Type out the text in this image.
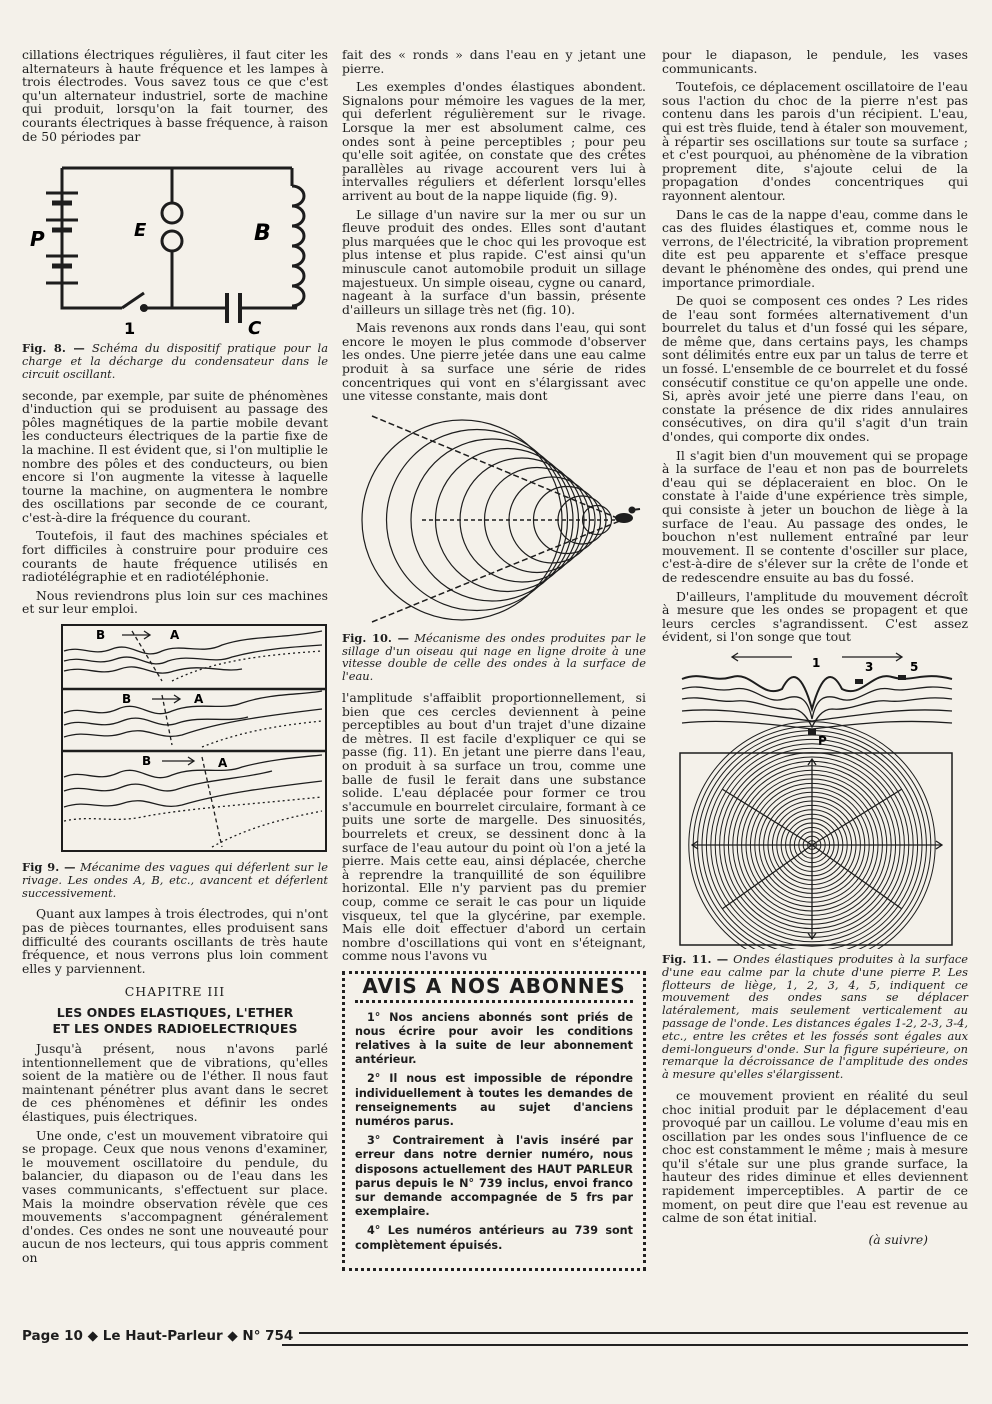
cillations électriques régulières, il faut citer les alternateurs à haute fréquence et les lampes à trois électrodes. Vous savez tous ce que c'est qu'un alternateur industriel, sorte de machine qui produit, lorsqu'on la fait tourner, des courants électriques à basse fréquence, à raison de 50 périodes par

P	E	B
C
1

Fig. 8. — Schéma du dispositif pratique pour la charge et la décharge du condensateur dans le circuit oscillant.

seconde, par exemple, par suite de phénomènes d'induction qui se produisent au passage des pôles magnétiques de la partie mobile devant les conducteurs électriques de la partie fixe de la machine. Il est évident que, si l'on multiplie le nombre des pôles et des conducteurs, ou bien encore si l'on augmente la vitesse à laquelle tourne la machine, on augmentera le nombre des oscillations par seconde de ce courant, c'est-à-dire la fréquence du courant.

Toutefois, il faut des machines spéciales et fort difficiles à construire pour produire ces courants de haute fréquence utilisés en radiotélégraphie et en radiotéléphonie.

Nous reviendrons plus loin sur ces machines et sur leur emploi.

B	A
B	A
B	A

Fig 9. — Mécanime des vagues qui déferlent sur le rivage. Les ondes A, B, etc., avancent et déferlent successivement.

Quant aux lampes à trois électrodes, qui n'ont pas de pièces tournantes, elles produisent sans difficulté des courants oscillants de très haute fréquence, et nous verrons plus loin comment elles y parviennent.

CHAPITRE III

LES ONDES ELASTIQUES, L'ETHER
ET LES ONDES RADIOELECTRIQUES

Jusqu'à présent, nous n'avons parlé intentionnellement que de vibrations, qu'elles soient de la matière ou de l'éther. Il nous faut maintenant pénétrer plus avant dans le secret de ces phénomènes et définir les ondes élastiques, puis électriques.

Une onde, c'est un mouvement vibratoire qui se propage. Ceux que nous venons d'examiner, le mouvement oscillatoire du pendule, du balancier, du diapason ou de l'eau dans les vases communicants, s'effectuent sur place. Mais la moindre observation révèle que ces mouvements s'accompagnent généralement d'ondes. Ces ondes ne sont une nouveauté pour aucun de nos lecteurs, qui tous appris comment on

fait des « ronds » dans l'eau en y jetant une pierre.

Les exemples d'ondes élastiques abondent. Signalons pour mémoire les vagues de la mer, qui deferlent régulièrement sur le rivage. Lorsque la mer est absolument calme, ces ondes sont à peine perceptibles ; pour peu qu'elle soit agitée, on constate que des crêtes parallèles au rivage accourent vers lui à intervalles réguliers et déferlent lorsqu'elles arrivent au bout de la nappe liquide (fig. 9).

Le sillage d'un navire sur la mer ou sur un fleuve produit des ondes. Elles sont d'autant plus marquées que le choc qui les provoque est plus intense et plus rapide. C'est ainsi qu'un minuscule canot automobile produit un sillage majestueux. Un simple oiseau, cygne ou canard, nageant à la surface d'un bassin, présente d'ailleurs un sillage très net (fig. 10).

Mais revenons aux ronds dans l'eau, qui sont encore le moyen le plus commode d'observer les ondes. Une pierre jetée dans une eau calme produit à sa surface une série de rides concentriques qui vont en s'élargissant avec une vitesse constante, mais dont

Fig. 10. — Mécanisme des ondes produites par le sillage d'un oiseau qui nage en ligne droite à une vitesse double de celle des ondes à la surface de l'eau.

l'amplitude s'affaiblit proportionnellement, si bien que ces cercles deviennent à peine perceptibles au bout d'un trajet d'une dizaine de mètres. Il est facile d'expliquer ce qui se passe (fig. 11). En jetant une pierre dans l'eau, on produit à sa surface un trou, comme une balle de fusil le ferait dans une substance solide. L'eau déplacée pour former ce trou s'accumule en bourrelet circulaire, formant à ce puits une sorte de margelle. Des sinuosités, bourrelets et creux, se dessinent donc à la surface de l'eau autour du point où l'on a jeté la pierre. Mais cette eau, ainsi déplacée, cherche à reprendre la tranquillité de son équilibre horizontal. Elle n'y parvient pas du premier coup, comme ce serait le cas pour un liquide visqueux, tel que la glycérine, par exemple. Mais elle doit effectuer d'abord un certain nombre d'oscillations qui vont en s'éteignant, comme nous l'avons vu

AVIS A NOS ABONNES

1° Nos anciens abonnés sont priés de nous écrire pour avoir les conditions relatives à la suite de leur abonnement antérieur.

2° Il nous est impossible de répondre individuellement à toutes les demandes de renseignements au sujet d'anciens numéros parus.

3° Contrairement à l'avis inséré par erreur dans notre dernier numéro, nous disposons actuellement des HAUT PARLEUR parus depuis le N° 739 inclus, envoi franco sur demande accompagnée de 5 frs par exemplaire.

4° Les numéros antérieurs au 739 sont complètement épuisés.

pour le diapason, le pendule, les vases communicants.

Toutefois, ce déplacement oscillatoire de l'eau sous l'action du choc de la pierre n'est pas contenu dans les parois d'un récipient. L'eau, qui est très fluide, tend à étaler son mouvement, à répartir ses oscillations sur toute sa surface ; et c'est pourquoi, au phénomène de la vibration proprement dite, s'ajoute celui de la propagation d'ondes concentriques qui rayonnent alentour.

Dans le cas de la nappe d'eau, comme dans le cas des fluides élastiques et, comme nous le verrons, de l'électricité, la vibration proprement dite est peu apparente et s'efface presque devant le phénomène des ondes, qui prend une importance primordiale.

De quoi se composent ces ondes ? Les rides de l'eau sont formées alternativement d'un bourrelet du talus et d'un fossé qui les sépare, de même que, dans certains pays, les champs sont délimités entre eux par un talus de terre et un fossé. L'ensemble de ce bourrelet et du fossé consécutif constitue ce qu'on appelle une onde. Si, après avoir jeté une pierre dans l'eau, on constate la présence de dix rides annulaires consécutives, on dira qu'il s'agit d'un train d'ondes, qui comporte dix ondes.

Il s'agit bien d'un mouvement qui se propage à la surface de l'eau et non pas de bourrelets d'eau qui se déplaceraient en bloc. On le constate à l'aide d'une expérience très simple, qui consiste à jeter un bouchon de liège à la surface de l'eau. Au passage des ondes, le bouchon n'est nullement entraîné par leur mouvement. Il se contente d'osciller sur place, c'est-à-dire de s'élever sur la crête de l'onde et de redescendre ensuite au bas du fossé.

D'ailleurs, l'amplitude du mouvement décroît à mesure que les ondes se propagent et que leurs cercles s'agrandissent. C'est assez évident, si l'on songe que tout

1	3	5
P

Fig. 11. — Ondes élastiques produites à la surface d'une eau calme par la chute d'une pierre P. Les flotteurs de liège, 1, 2, 3, 4, 5, indiquent ce mouvement des ondes sans se déplacer latéralement, mais seulement verticalement au passage de l'onde. Les distances égales 1-2, 2-3, 3-4, etc., entre les crêtes et les fossés sont égales aux demi-longueurs d'onde. Sur la figure supérieure, on remarque la décroissance de l'amplitude des ondes à mesure qu'elles s'élargissent.

ce mouvement provient en réalité du seul choc initial produit par le déplacement d'eau provoqué par un caillou. Le volume d'eau mis en oscillation par les ondes sous l'influence de ce choc est constamment le même ; mais à mesure qu'il s'étale sur une plus grande surface, la hauteur des rides diminue et elles deviennent rapidement imperceptibles. A partir de ce moment, on peut dire que l'eau est revenue au calme de son état initial.

(à suivre)

Page 10 ◆ Le Haut-Parleur ◆ N° 754
